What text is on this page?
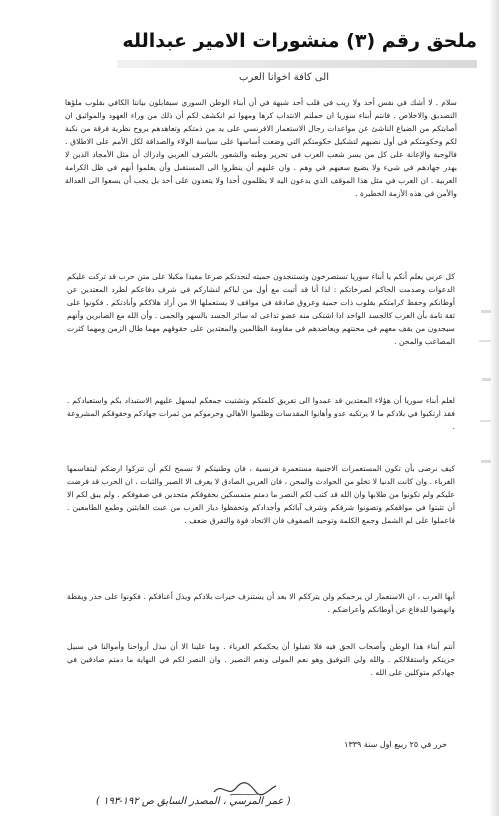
ملحق رقم (٣) منشورات الامير عبدالله
الى كافة اخوانا العرب

سلام . لا أشك في نفس أحد ولا ريب في قلب أحد شبهة في أن أبناء الوطن السوري سيقابلون بيانتا الكافي بقلوب ملؤها التصديق والاخلاص . فانتم أبناء سوريا ان حملتم الانتداب كرها ومهوا ثم انكشف لكم أن ذلك من وراء العهود والمواثيق ان أصابتكم من الضياع الناشئ عن مواعدات رجال الاستعمار الافرنسي على يد من ذمتكم وتعاهدهم بروح نظرية فرقة من نكبة لكم وحكومتكم في أول نصبهم لتشكيل حكومتكم التي وضعت أساسها على سياسة الولاء والصداقة لكل الأمم على الاطلاق . فالوجبة والإعانة على كل من يسر شعب العرب في تحرير وطنه والشعور بالشرف العربي وادراك أن مثل الأمجاد الذين لا يهدر جهادهم في شيء ولا يضيع سعيهم في وهم . وان عليهم أن ينظروا الى المستقبل وأن يعلموا أنهم في ظل الكرامة العربية . ان العرب في مثل هذا الموقف الذي يدعون اليه لا يظلمون أحدا ولا يتعدون على أحد بل يجب أن يسعوا الى العدالة والأمن في هذه الأزمة الخطيرة .

كل عربي يعلم أنكم يا أبناء سوريا تستصرخون وتستنجدون حميته لنجدتكم صرعا مقيدا مكبلا على متن حرب قد تركت عليكم الدعوات وصدمت الحاكم لصرخاتكم : لذا أنا قد أتيت مع أول من لباكم لنشاركم في شرف دفاعكم لطرد المعتدين عن أوطانكم وحفظ كرامتكم بقلوب ذات حمية وعروق صادقة في مواقف لا يستعملها الا من أراد هلاككم وأبادتكم . فكونوا على ثقة تامة بأن العرب كالجسد الواحد اذا اشتكى منه عضو تداعى له سائر الجسد بالسهر والحمى . وأن الله مع الصابرين وأنهم سيجدون من يقف معهم في محنتهم ويعاضدهم في مقاومة الظالمين والمعتدين على حقوقهم مهما طال الزمن ومهما كثرت المصاعب والمحن .

لعلم أبناء سوريا أن هؤلاء المعتدين قد عمدوا الى تفريق كلمتكم وتشتيت جمعكم ليسهل عليهم الاستبداد بكم واستعبادكم . فقد ارتكبوا في بلادكم ما لا يرتكبه عدو وأهانوا المقدسات وظلموا الأهالي وحرموكم من ثمرات جهادكم وحقوقكم المشروعة .

كيف نرضى بأن تكون المستعمرات الاجنبية مستعمرة فرنسية ، فان وطنيتكم لا تسمح لكم أن تتركوا ارضكم ليتقاسمها الغرباء . وان كانت الدنيا لا تخلو من الحوادث والمحن ، فان العربي الصادق لا يعرف الا الصبر والثبات . ان الحرب قد فرضت عليكم ولم تكونوا من طلابها وان الله قد كتب لكم النصر ما دمتم متمسكين بحقوقكم متحدين في صفوفكم . ولم يبق لكم الا أن تثبتوا في مواقفكم وتصونوا شرفكم وشرف آبائكم وأجدادكم وتحفظوا ديار العرب من عبث العابثين وطمع الطامعين . فاعملوا على لم الشمل وجمع الكلمة وتوحيد الصفوف فان الاتحاد قوة والتفرق ضعف .

أيها العرب ، ان الاستعمار لن يرحمكم ولن يترككم الا بعد أن يستنزف خيرات بلادكم ويذل أعناقكم . فكونوا على حذر ويقظة وانهضوا للدفاع عن أوطانكم وأعراضكم .

أنتم أبناء هذا الوطن وأصحاب الحق فيه فلا تقبلوا أن يحكمكم الغرباء . وما علينا الا أن نبذل أرواحنا وأموالنا في سبيل حريتكم واستقلالكم . والله ولي التوفيق وهو نعم المولى ونعم النصير . وان النصر لكم في النهاية ما دمتم صادقين في جهادكم متوكلين على الله .

حرر في ٢٥ ربيع اول سنة ١٣٣٩
( عمر المرسي ، المصدر السابق ص ١٩٢-١٩٣ )
